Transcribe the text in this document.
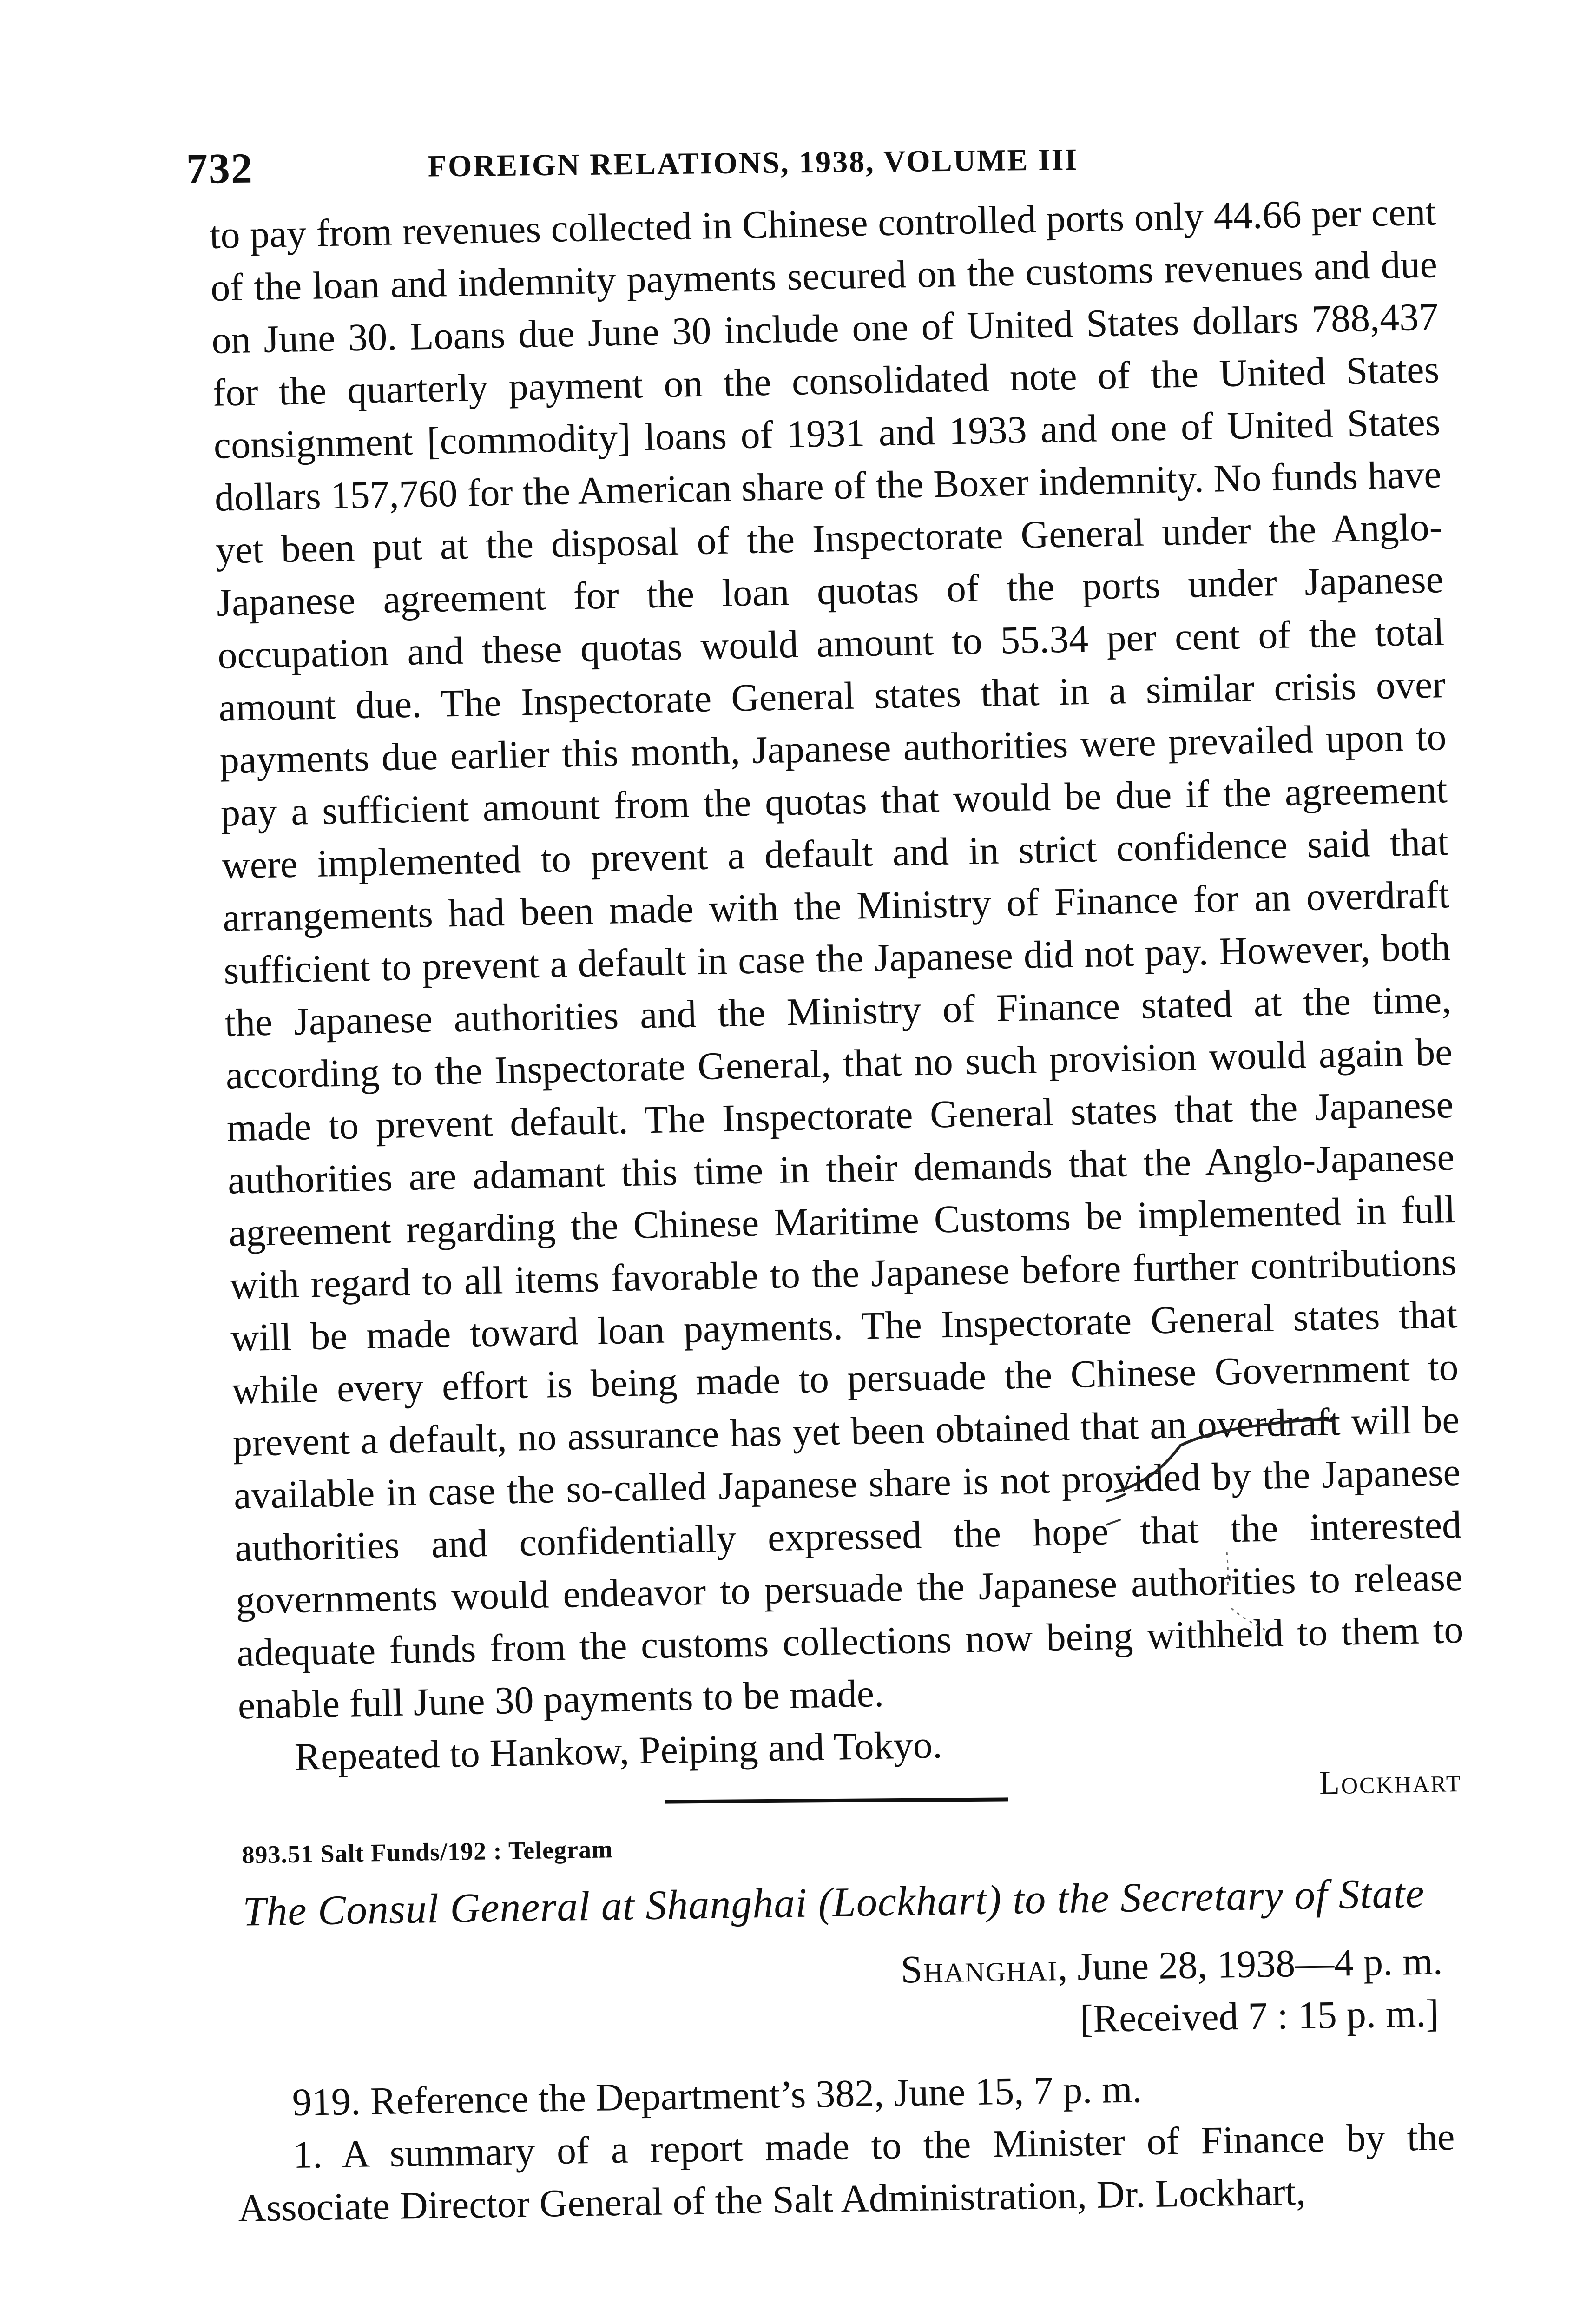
732	FOREIGN RELATIONS, 1938, VOLUME III

to pay from revenues collected in Chinese controlled ports only 44.66 per cent of the loan and indemnity payments secured on the customs revenues and due on June 30. Loans due June 30 include one of United States dollars 788,437 for the quarterly payment on the consolidated note of the United States consignment [commodity] loans of 1931 and 1933 and one of United States dollars 157,760 for the American share of the Boxer indemnity. No funds have yet been put at the disposal of the Inspectorate General under the Anglo-Japanese agreement for the loan quotas of the ports under Japanese occupation and these quotas would amount to 55.34 per cent of the total amount due. The Inspectorate General states that in a similar crisis over payments due earlier this month, Japanese authorities were prevailed upon to pay a sufficient amount from the quotas that would be due if the agreement were implemented to prevent a default and in strict confidence said that arrangements had been made with the Ministry of Finance for an overdraft sufficient to prevent a default in case the Japanese did not pay. However, both the Japanese authorities and the Ministry of Finance stated at the time, according to the Inspectorate General, that no such provision would again be made to prevent default. The Inspectorate General states that the Japanese authorities are adamant this time in their demands that the Anglo-Japanese agreement regarding the Chinese Maritime Customs be implemented in full with regard to all items favorable to the Japanese before further contributions will be made toward loan payments. The Inspectorate General states that while every effort is being made to persuade the Chinese Government to prevent a default, no assurance has yet been obtained that an overdraft will be available in case the so-called Japanese share is not provided by the Japanese authorities and confidentially expressed the hope that the interested governments would endeavor to persuade the Japanese authorities to release adequate funds from the customs collections now being withheld to them to enable full June 30 payments to be made.

Repeated to Hankow, Peiping and Tokyo.

Lockhart

893.51 Salt Funds/192 : Telegram

The Consul General at Shanghai (Lockhart) to the Secretary of State

Shanghai, June 28, 1938—4 p. m.

[Received 7 : 15 p. m.]

919. Reference the Department’s 382, June 15, 7 p. m.

1. A summary of a report made to the Minister of Finance by the Associate Director General of the Salt Administration, Dr. Lockhart,
